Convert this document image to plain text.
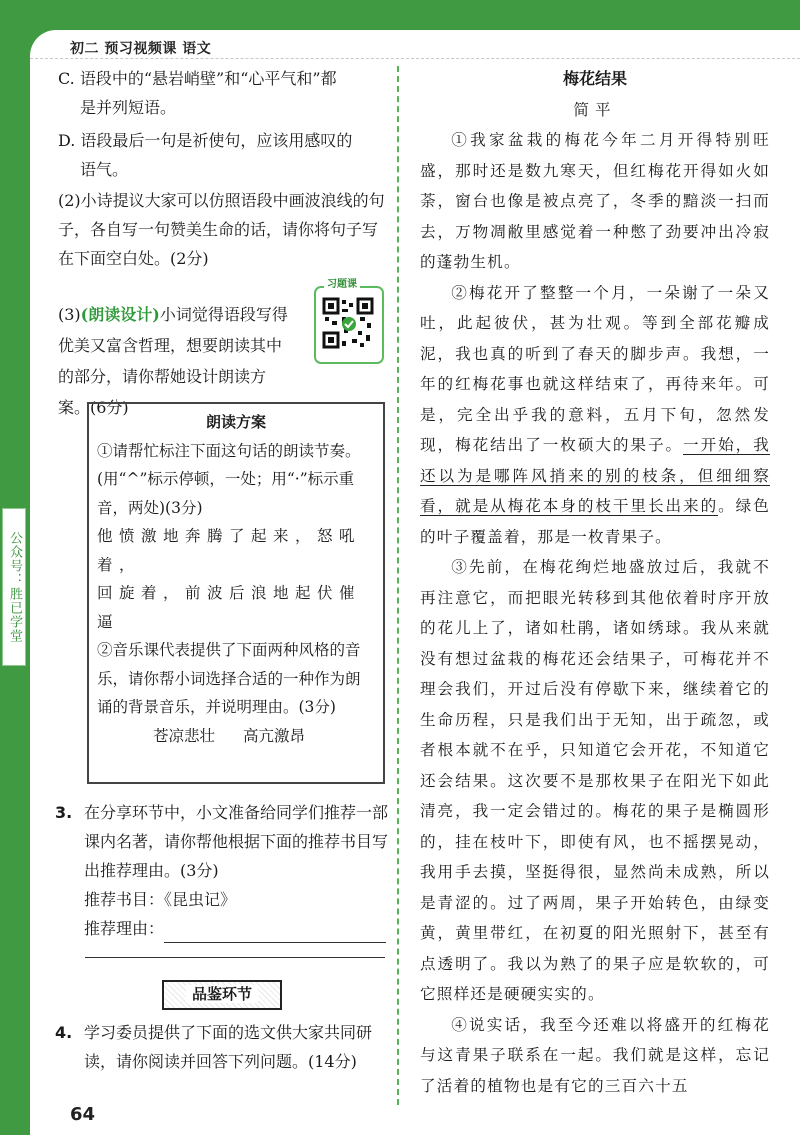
初二 预习视频课 语文

C. 语段中的“悬岩峭壁”和“心平气和”都

是并列短语。

D. 语段最后一句是祈使句，应该用感叹的

语气。

(2)小诗提议大家可以仿照语段中画波浪线的句子，各自写一句赞美生命的话，请你将句子写在下面空白处。(2分)

(3)(朗读设计)小词觉得语段写得优美又富含哲理，想要朗读其中的部分，请你帮她设计朗读方案。(6分)

习题课
朗读方案

①请帮忙标注下面这句话的朗读节奏。(用“^”标示停顿，一处；用“·”标示重音，两处)(3分)

他愤激地奔腾了起来，怒吼着，

回旋着，前波后浪地起伏催逼

②音乐课代表提供了下面两种风格的音乐，请你帮小词选择合适的一种作为朗诵的背景音乐，并说明理由。(3分)

苍凉悲壮 高亢激昂

3. 在分享环节中，小文准备给同学们推荐一部课内名著，请你帮他根据下面的推荐书目写出推荐理由。(3分)

推荐书目：《昆虫记》

推荐理由：

品鉴环节
4. 学习委员提供了下面的选文供大家共同研读，请你阅读并回答下列问题。(14分)

梅花结果
简平

①我家盆栽的梅花今年二月开得特别旺盛，那时还是数九寒天，但红梅花开得如火如荼，窗台也像是被点亮了，冬季的黯淡一扫而去，万物凋敝里感觉着一种憋了劲要冲出冷寂的蓬勃生机。

②梅花开了整整一个月，一朵谢了一朵又吐，此起彼伏，甚为壮观。等到全部花瓣成泥，我也真的听到了春天的脚步声。我想，一年的红梅花事也就这样结束了，再待来年。可是，完全出乎我的意料，五月下旬，忽然发现，梅花结出了一枚硕大的果子。一开始，我还以为是哪阵风捎来的别的枝条，但细细察看，就是从梅花本身的枝干里长出来的。绿色的叶子覆盖着，那是一枚青果子。

③先前，在梅花绚烂地盛放过后，我就不再注意它，而把眼光转移到其他依着时序开放的花儿上了，诸如杜鹃，诸如绣球。我从来就没有想过盆栽的梅花还会结果子，可梅花并不理会我们，开过后没有停歇下来，继续着它的生命历程，只是我们出于无知，出于疏忽，或者根本就不在乎，只知道它会开花，不知道它还会结果。这次要不是那枚果子在阳光下如此清亮，我一定会错过的。梅花的果子是椭圆形的，挂在枝叶下，即使有风，也不摇摆晃动，我用手去摸，坚挺得很，显然尚未成熟，所以是青涩的。过了两周，果子开始转色，由绿变黄，黄里带红，在初夏的阳光照射下，甚至有点透明了。我以为熟了的果子应是软软的，可它照样还是硬硬实实的。

④说实话，我至今还难以将盛开的红梅花与这青果子联系在一起。我们就是这样，忘记了活着的植物也是有它的三百六十五

64
公众号：胜已学堂
